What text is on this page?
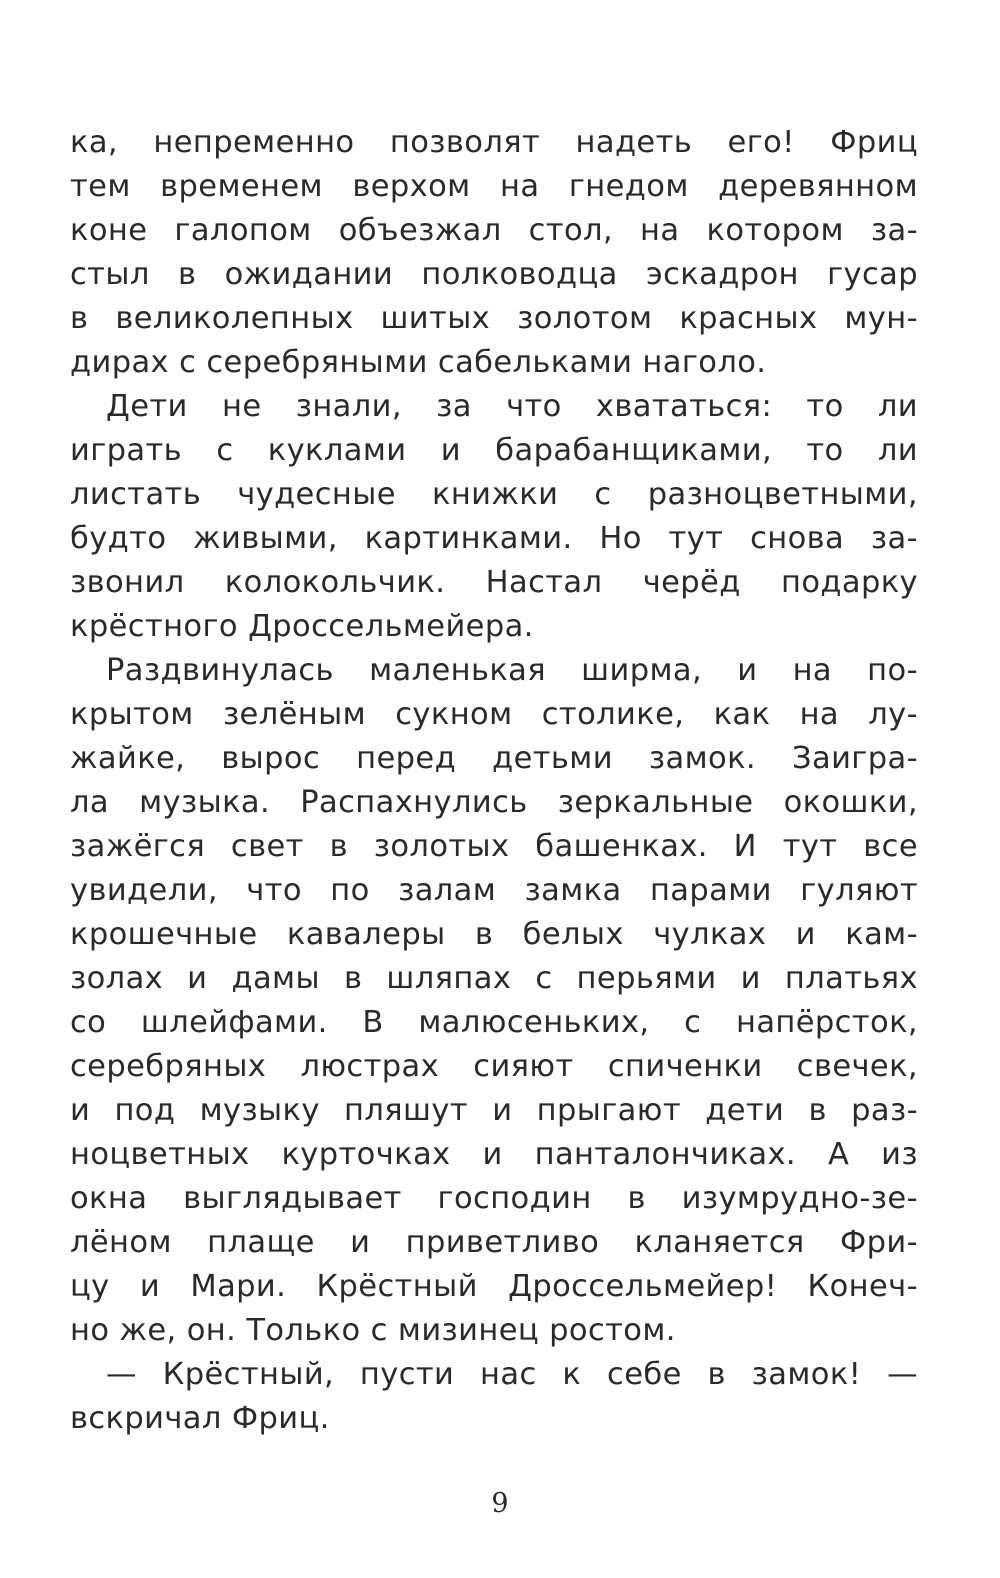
ка, непременно позволят надеть его! Фриц
тем временем верхом на гнедом деревянном
коне галопом объезжал стол, на котором за-
стыл в ожидании полководца эскадрон гусар
в великолепных шитых золотом красных мун-
дирах с серебряными сабельками наголо.
Дети не знали, за что хвататься: то ли
играть с куклами и барабанщиками, то ли
листать чудесные книжки с разноцветными,
будто живыми, картинками. Но тут снова за-
звонил колокольчик. Настал черёд подарку
крёстного Дроссельмейера.
Раздвинулась маленькая ширма, и на по-
крытом зелёным сукном столике, как на лу-
жайке, вырос перед детьми замок. Заигра-
ла музыка. Распахнулись зеркальные окошки,
зажёгся свет в золотых башенках. И тут все
увидели, что по залам замка парами гуляют
крошечные кавалеры в белых чулках и кам-
золах и дамы в шляпах с перьями и платьях
со шлейфами. В малюсеньких, с напёрсток,
серебряных люстрах сияют спиченки свечек,
и под музыку пляшут и прыгают дети в раз-
ноцветных курточках и панталончиках. А из
окна выглядывает господин в изумрудно-зе-
лёном плаще и приветливо кланяется Фри-
цу и Мари. Крёстный Дроссельмейер! Конеч-
но же, он. Только с мизинец ростом.
— Крёстный, пусти нас к себе в замок! —
вскричал Фриц.
9
